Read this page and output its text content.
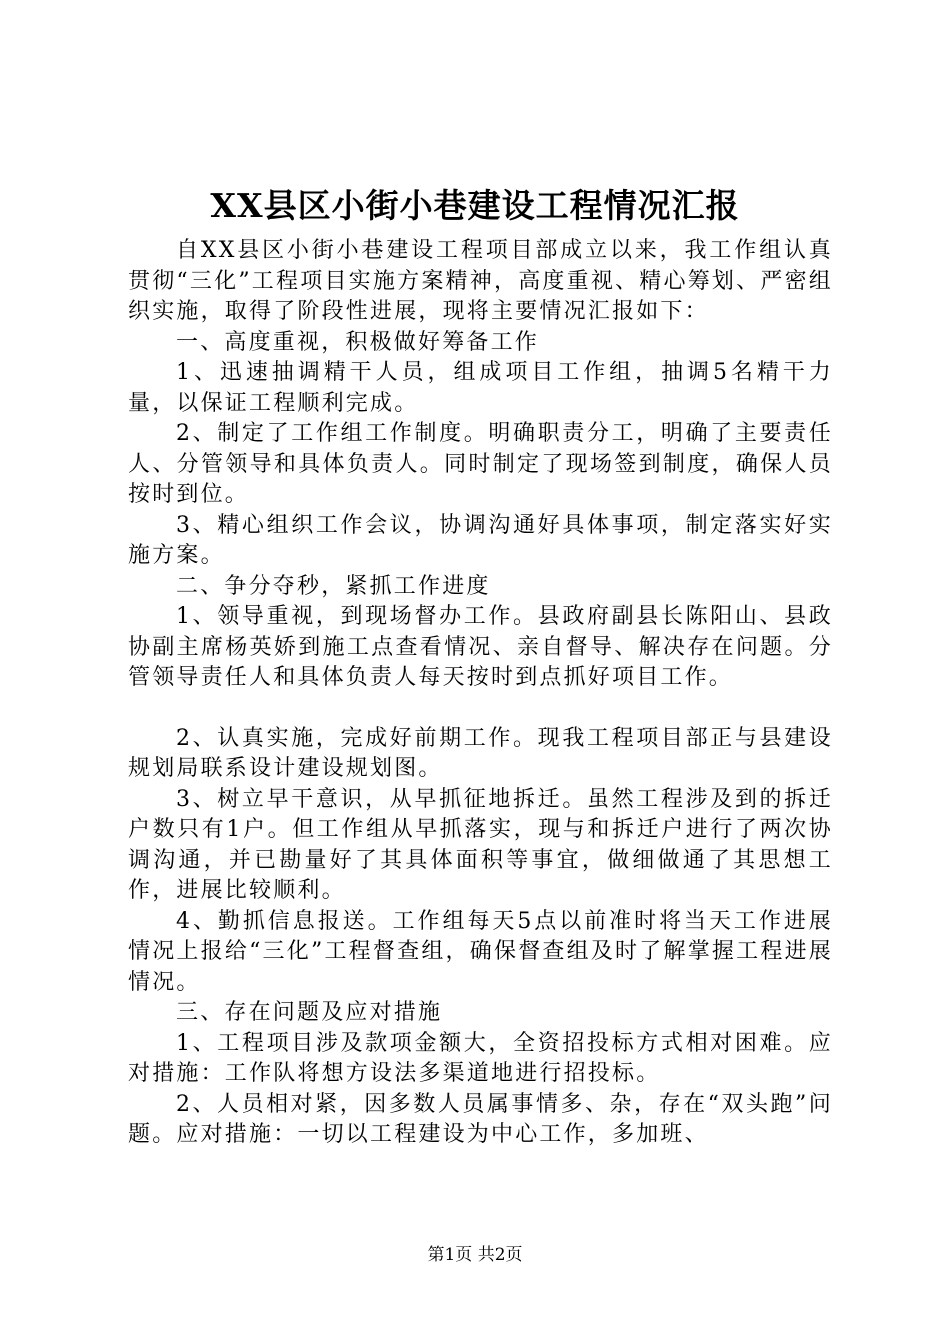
XX县区小街小巷建设工程情况汇报

自XX县区小街小巷建设工程项目部成立以来，我工作组认真贯彻“三化”工程项目实施方案精神，高度重视、精心筹划、严密组织实施，取得了阶段性进展，现将主要情况汇报如下：

一、高度重视，积极做好筹备工作

1、迅速抽调精干人员，组成项目工作组，抽调5名精干力量，以保证工程顺利完成。

2、制定了工作组工作制度。明确职责分工，明确了主要责任人、分管领导和具体负责人。同时制定了现场签到制度，确保人员按时到位。

3、精心组织工作会议，协调沟通好具体事项，制定落实好实施方案。

二、争分夺秒，紧抓工作进度

1、领导重视，到现场督办工作。县政府副县长陈阳山、县政协副主席杨英娇到施工点查看情况、亲自督导、解决存在问题。分管领导责任人和具体负责人每天按时到点抓好项目工作。

2、认真实施，完成好前期工作。现我工程项目部正与县建设规划局联系设计建设规划图。

3、树立早干意识，从早抓征地拆迁。虽然工程涉及到的拆迁户数只有1户。但工作组从早抓落实，现与和拆迁户进行了两次协调沟通，并已勘量好了其具体面积等事宜，做细做通了其思想工作，进展比较顺利。

4、勤抓信息报送。工作组每天5点以前准时将当天工作进展情况上报给“三化”工程督查组，确保督查组及时了解掌握工程进展情况。

三、存在问题及应对措施

1、工程项目涉及款项金额大，全资招投标方式相对困难。应对措施：工作队将想方设法多渠道地进行招投标。

2、人员相对紧，因多数人员属事情多、杂，存在“双头跑”问题。应对措施：一切以工程建设为中心工作，多加班、

第1页 共2页
